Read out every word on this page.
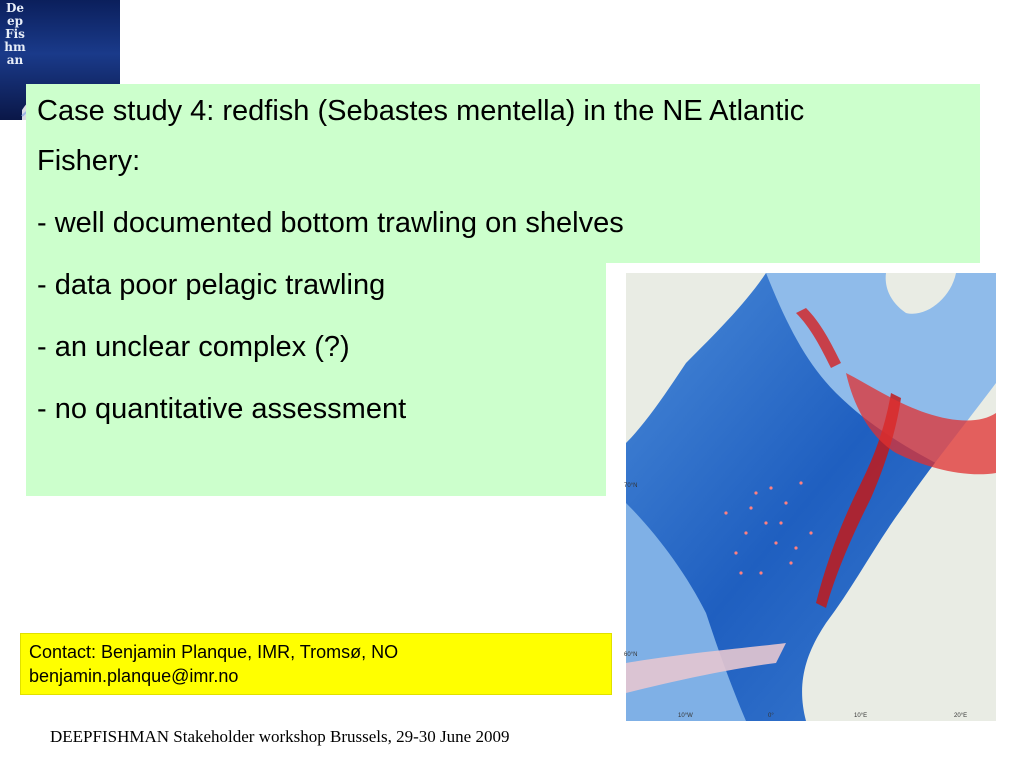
DeepFishman

Case study 4: redfish (Sebastes mentella) in the NE Atlantic

Fishery:

- well documented bottom trawling on shelves

- data poor pelagic trawling

- an unclear complex (?)

- no quantitative assessment

70°N
60°N
10°W	0°	10°E	20°E
Contact: Benjamin Planque, IMR, Tromsø, NO
benjamin.planque@imr.no
DEEPFISHMAN Stakeholder workshop Brussels, 29-30 June 2009
